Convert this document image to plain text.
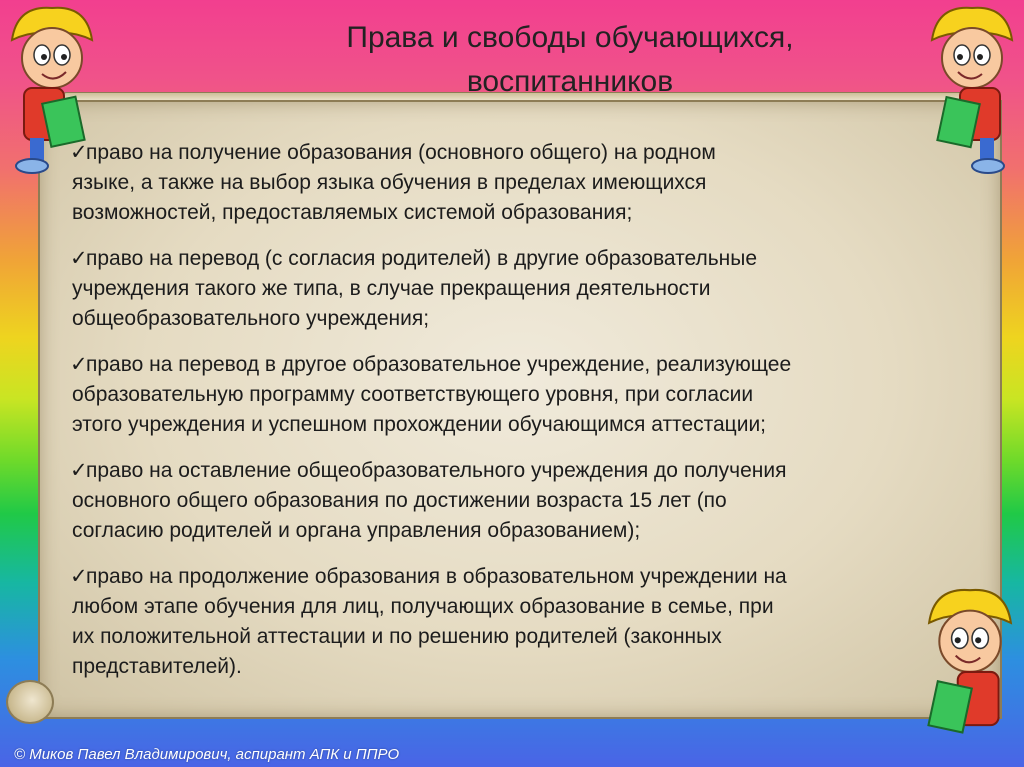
Права и свободы обучающихся,
воспитанников
✓право на получение образования (основного общего) на родном
языке, а также на выбор языка обучения в пределах имеющихся
возможностей, предоставляемых системой образования;
✓право на перевод (с согласия родителей) в другие образовательные
учреждения такого же типа, в случае прекращения деятельности
общеобразовательного учреждения;
✓право на перевод в другое образовательное учреждение, реализующее
образовательную программу соответствующего уровня, при согласии
этого учреждения и успешном прохождении обучающимся аттестации;
✓право на оставление общеобразовательного учреждения до получения
основного общего образования по достижении возраста 15 лет (по
согласию родителей и органа управления образованием);
✓право на продолжение образования в образовательном учреждении на
любом этапе обучения для лиц, получающих образование в семье, при
их положительной аттестации и по решению родителей (законных
представителей).
© Миков Павел Владимирович, аспирант АПК и ППРО
